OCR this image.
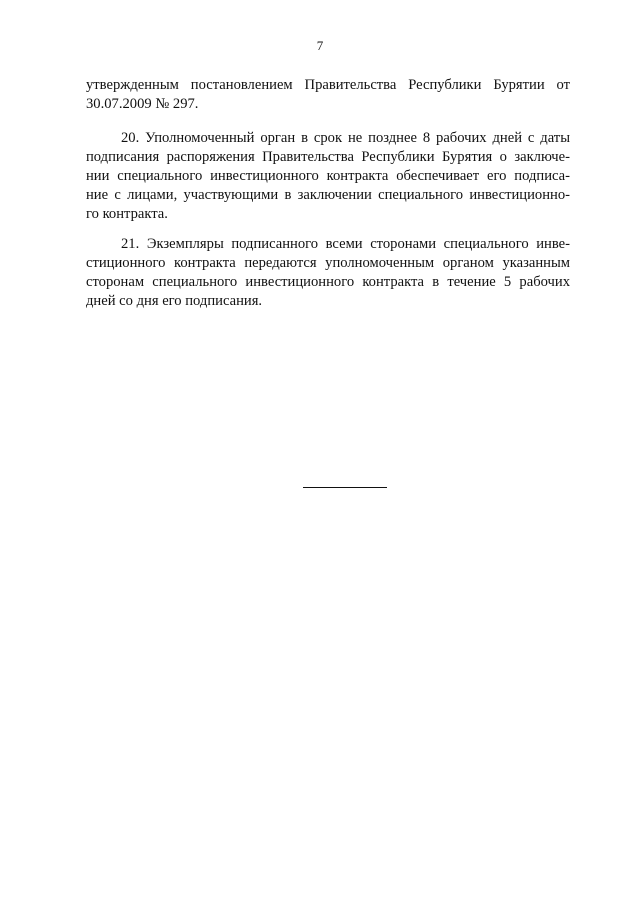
7
утвержденным постановлением Правительства Республики Бурятии от
30.07.2009 № 297.
20. Уполномоченный орган в срок не позднее 8 рабочих дней с даты
подписания распоряжения Правительства Республики Бурятия о заключе-
нии специального инвестиционного контракта обеспечивает его подписа-
ние с лицами, участвующими в заключении специального инвестиционно-
го контракта.
21. Экземпляры подписанного всеми сторонами специального инве-
стиционного контракта передаются уполномоченным органом указанным
сторонам специального инвестиционного контракта в течение 5 рабочих
дней со дня его подписания.
